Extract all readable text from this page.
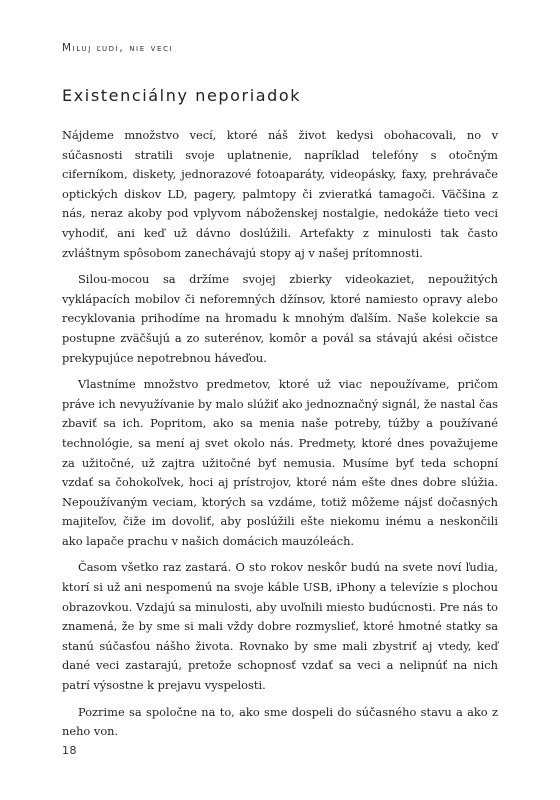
Miluj ľudí, nie veci
Existenciálny neporiadok

Nájdeme množstvo vecí, ktoré náš život kedysi obohacovali, no v súčasnosti stratili svoje uplatnenie, napríklad telefóny s otočným ciferníkom, diskety, jednorazové fotoaparáty, videopásky, faxy, prehrávače optických diskov LD, pagery, palmtopy či zvieratká tamagoči. Väčšina z nás, neraz akoby pod vplyvom náboženskej nostalgie, nedokáže tieto veci vyhodiť, ani keď už dávno doslúžili. Artefakty z minulosti tak často zvláštnym spôsobom zanechávajú stopy aj v našej prítomnosti.

Silou-mocou sa držíme svojej zbierky videokaziet, nepoužitých vyklápacích mobilov či neforemných džínsov, ktoré namiesto opravy alebo recyklovania prihodíme na hromadu k mnohým ďalším. Naše kolekcie sa postupne zväčšujú a zo suterénov, komôr a povál sa stávajú akési očistce prekypujúce nepotrebnou háveďou.

Vlastníme množstvo predmetov, ktoré už viac nepoužívame, pričom práve ich nevyužívanie by malo slúžiť ako jednoznačný signál, že nastal čas zbaviť sa ich. Popritom, ako sa menia naše potreby, túžby a používané technológie, sa mení aj svet okolo nás. Predmety, ktoré dnes považujeme za užitočné, už zajtra užitočné byť nemusia. Musíme byť teda schopní vzdať sa čohokoľvek, hoci aj prístrojov, ktoré nám ešte dnes dobre slúžia. Nepoužívaným veciam, ktorých sa vzdáme, totiž môžeme nájsť dočasných majiteľov, čiže im dovoliť, aby poslúžili ešte niekomu inému a neskončili ako lapače prachu v našich domácich mauzóleách.

Časom všetko raz zastará. O sto rokov neskôr budú na svete noví ľudia, ktorí si už ani nespomenú na svoje káble USB, iPhony a televízie s plochou obrazovkou. Vzdajú sa minulosti, aby uvoľnili miesto budúcnosti. Pre nás to znamená, že by sme si mali vždy dobre rozmyslieť, ktoré hmotné statky sa stanú súčasťou nášho života. Rovnako by sme mali zbystriť aj vtedy, keď dané veci zastarajú, pretože schopnosť vzdať sa veci a nelipnúť na nich patrí výsostne k prejavu vyspelosti.

Pozrime sa spoločne na to, ako sme dospeli do súčasného stavu a ako z neho von.

18
